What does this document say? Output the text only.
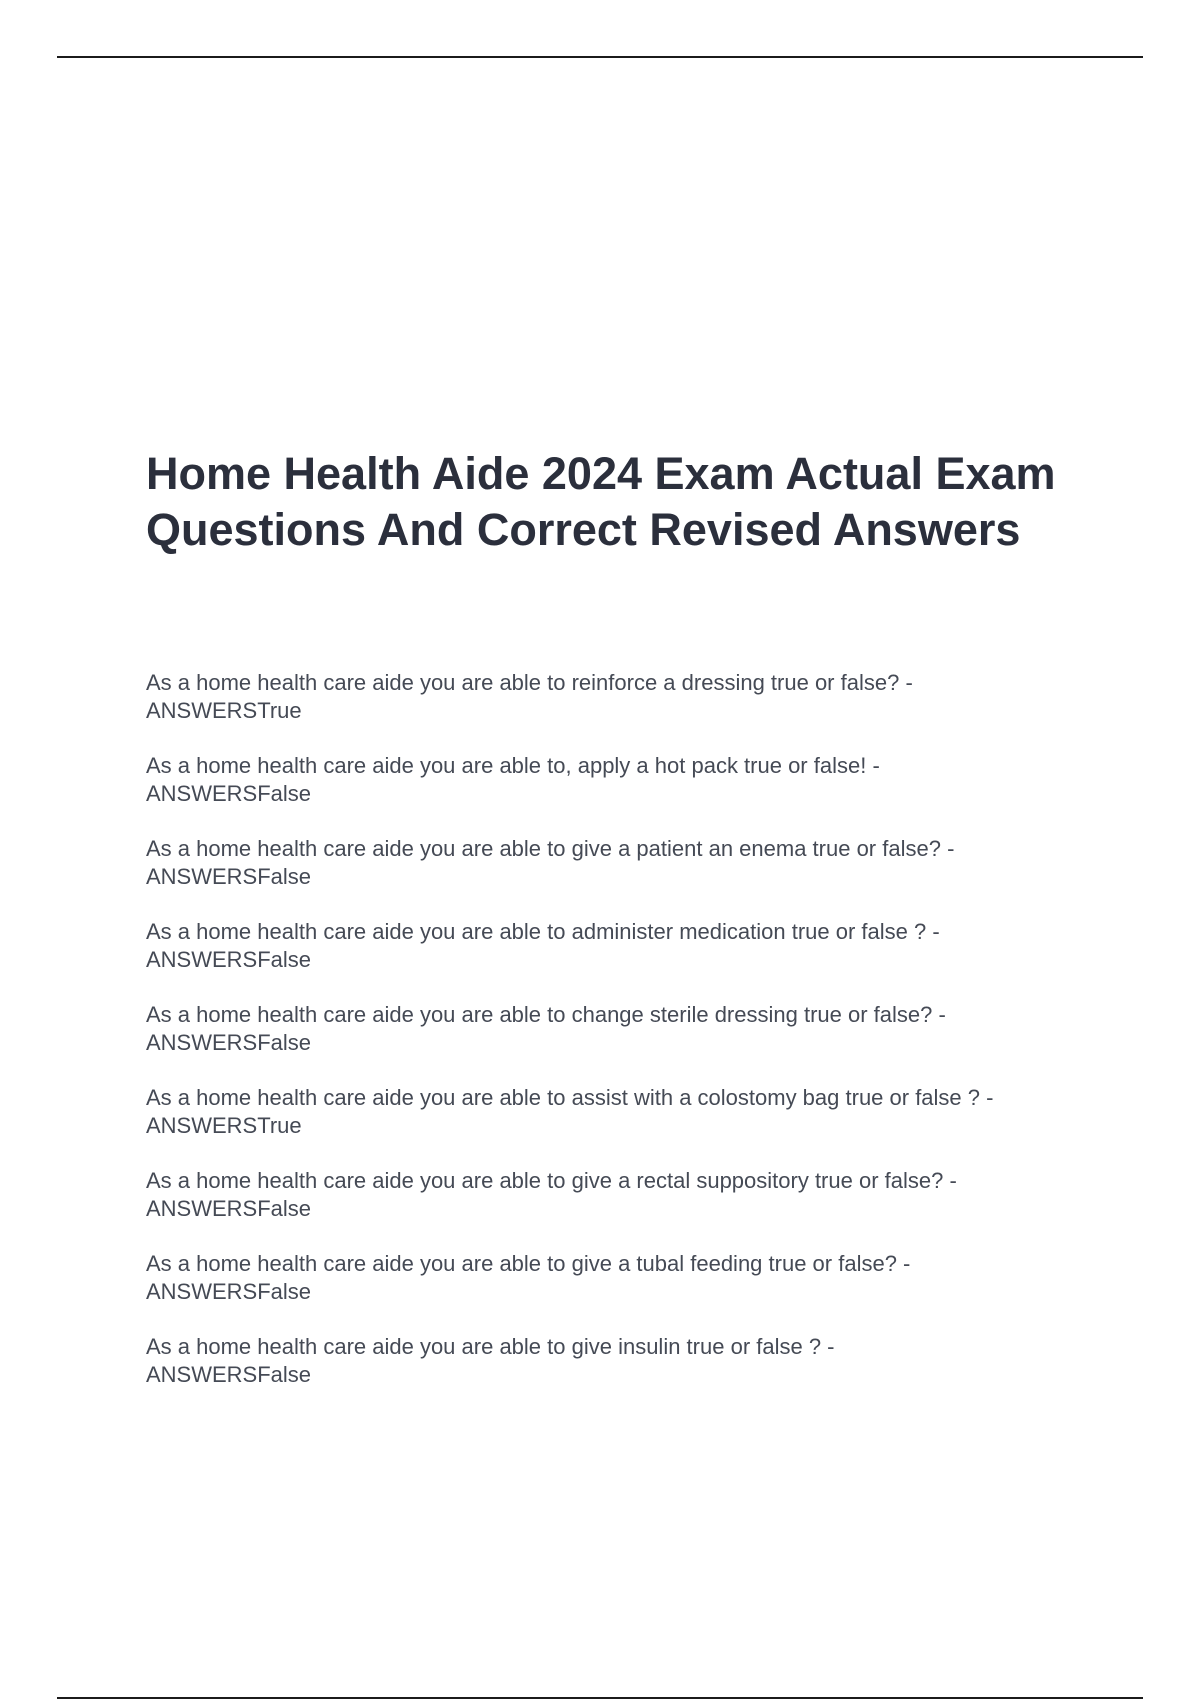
Home Health Aide 2024 Exam Actual Exam Questions And Correct Revised Answers
As a home health care aide you are able to reinforce a dressing true or false? -
ANSWERSTrue
As a home health care aide you are able to, apply a hot pack true or false! -
ANSWERSFalse
As a home health care aide you are able to give a patient an enema true or false? -
ANSWERSFalse
As a home health care aide you are able to administer medication true or false ? -
ANSWERSFalse
As a home health care aide you are able to change sterile dressing true or false? -
ANSWERSFalse
As a home health care aide you are able to assist with a colostomy bag true or false ? -
ANSWERSTrue
As a home health care aide you are able to give a rectal suppository true or false? -
ANSWERSFalse
As a home health care aide you are able to give a tubal feeding true or false? -
ANSWERSFalse
As a home health care aide you are able to give insulin true or false ? -
ANSWERSFalse
